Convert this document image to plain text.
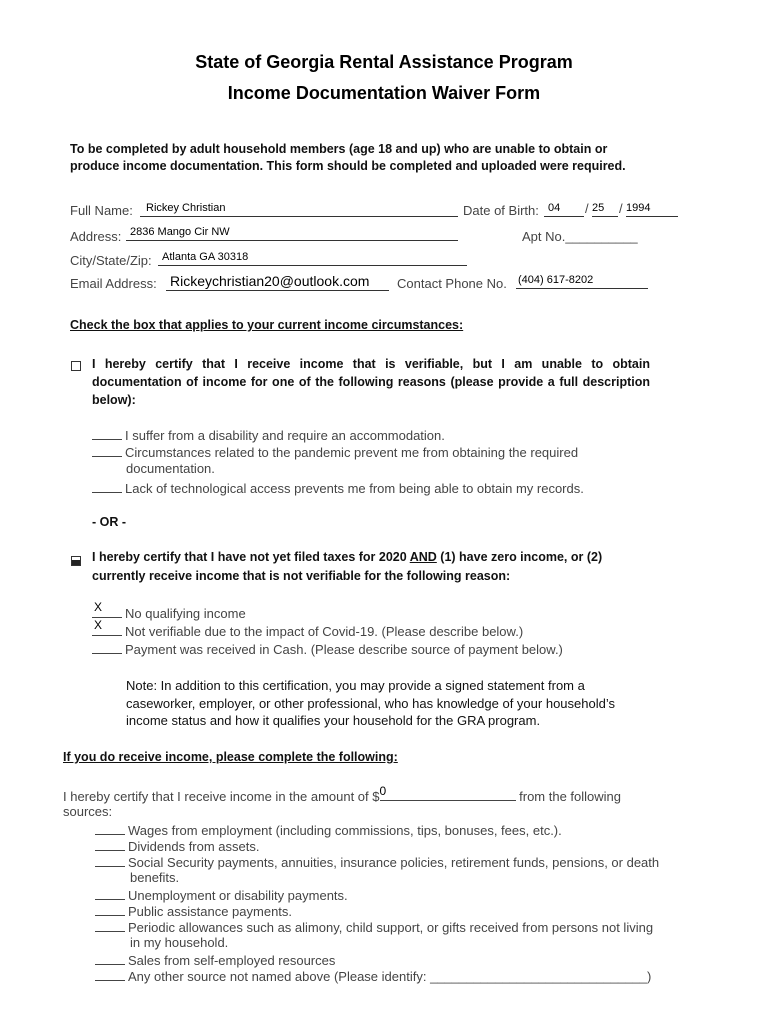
State of Georgia Rental Assistance Program
Income Documentation Waiver Form
To be completed by adult household members (age 18 and up) who are unable to obtain or
produce income documentation. This form should be completed and uploaded were required.
Full Name: Rickey Christian	Date of Birth: 04 / 25 / 1994
Address: 2836 Mango Cir NW	Apt No.__________
City/State/Zip: Atlanta GA 30318
Email Address: Rickeychristian20@outlook.com Contact Phone No. (404) 617-8202
Check the box that applies to your current income circumstances:
I hereby certify that I receive income that is verifiable, but I am unable to obtain documentation of income for one of the following reasons (please provide a full description below):
I suffer from a disability and require an accommodation.
Circumstances related to the pandemic prevent me from obtaining the required
documentation.
Lack of technological access prevents me from being able to obtain my records.
- OR -
I hereby certify that I have not yet filed taxes for 2020 AND (1) have zero income, or (2)
currently receive income that is not verifiable for the following reason:
X No qualifying income
X Not verifiable due to the impact of Covid-19. (Please describe below.)
Payment was received in Cash. (Please describe source of payment below.)
Note: In addition to this certification, you may provide a signed statement from a
caseworker, employer, or other professional, who has knowledge of your household’s
income status and how it qualifies your household for the GRA program.
If you do receive income, please complete the following:
I hereby certify that I receive income in the amount of $ 0	from the following
sources:
Wages from employment (including commissions, tips, bonuses, fees, etc.).
Dividends from assets.
Social Security payments, annuities, insurance policies, retirement funds, pensions, or death
benefits.
Unemployment or disability payments.
Public assistance payments.
Periodic allowances such as alimony, child support, or gifts received from persons not living
in my household.
Sales from self-employed resources
Any other source not named above (Please identify: ______________________________)
